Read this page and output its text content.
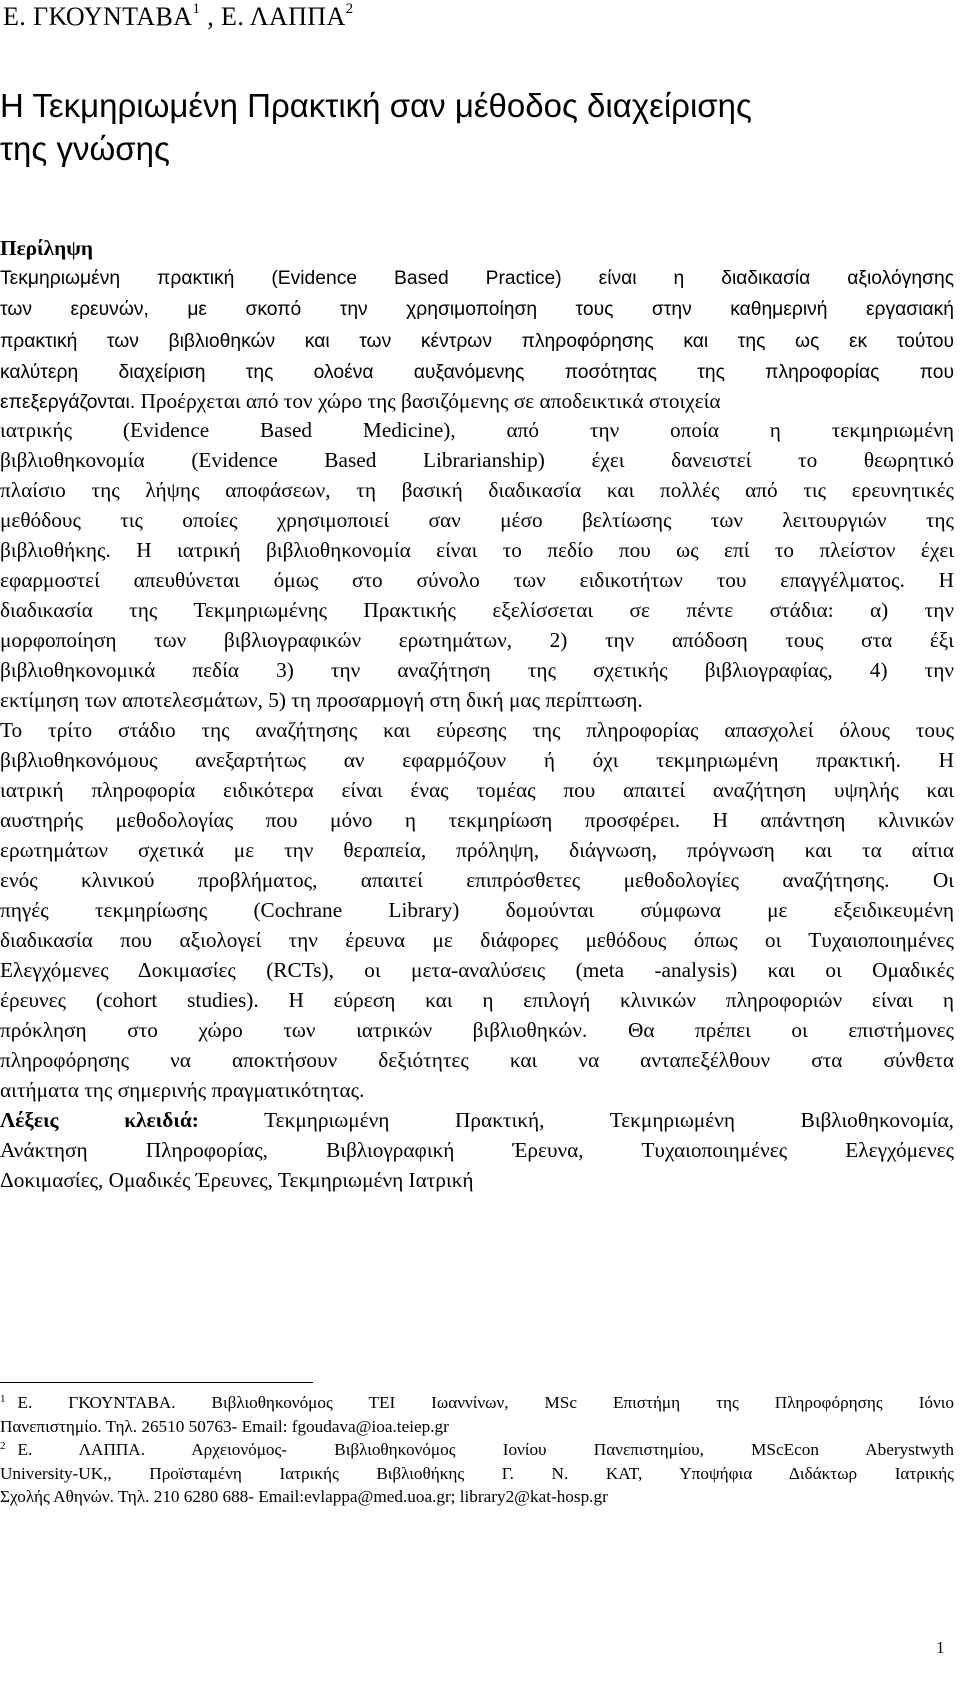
Ε. ΓΚΟΥΝΤΑΒΑ$^1$ , Ε. ΛΑΠΠΑ$^2$
Η Τεκμηριωμένη Πρακτική σαν μέθοδος διαχείρισης
της γνώσης
Περίληψη
Τεκμηριωμένη πρακτική (Evidence Based Practice) είναι η διαδικασία αξιολόγησης
των ερευνών, με σκοπό την χρησιμοποίηση τους στην καθημερινή εργασιακή
πρακτική των βιβλιοθηκών και των κέντρων πληροφόρησης και της ως εκ τούτου
καλύτερη διαχείριση της ολοένα αυξανόμενης ποσότητας της πληροφορίας που
επεξεργάζονται. Προέρχεται από τον χώρο της βασιζόμενης σε αποδεικτικά στοιχεία
ιατρικής (Evidence Based Medicine), από την οποία η τεκμηριωμένη
βιβλιοθηκονομία (Evidence Based Librarianship) έχει δανειστεί το θεωρητικό
πλαίσιο της λήψης αποφάσεων, τη βασική διαδικασία και πολλές από τις ερευνητικές
μεθόδους τις οποίες χρησιμοποιεί σαν μέσο βελτίωσης των λειτουργιών της
βιβλιοθήκης. Η ιατρική βιβλιοθηκονομία είναι το πεδίο που ως επί το πλείστον έχει
εφαρμοστεί απευθύνεται όμως στο σύνολο των ειδικοτήτων του επαγγέλματος. Η
διαδικασία της Τεκμηριωμένης Πρακτικής εξελίσσεται σε πέντε στάδια: α) την
μορφοποίηση των βιβλιογραφικών ερωτημάτων, 2) την απόδοση τους στα έξι
βιβλιοθηκονομικά πεδία 3) την αναζήτηση της σχετικής βιβλιογραφίας, 4) την
εκτίμηση των αποτελεσμάτων, 5) τη προσαρμογή στη δική μας περίπτωση.
Το τρίτο στάδιο της αναζήτησης και εύρεσης της πληροφορίας απασχολεί όλους τους
βιβλιοθηκονόμους ανεξαρτήτως αν εφαρμόζουν ή όχι τεκμηριωμένη πρακτική. Η
ιατρική πληροφορία ειδικότερα είναι ένας τομέας που απαιτεί αναζήτηση υψηλής και
αυστηρής μεθοδολογίας που μόνο η τεκμηρίωση προσφέρει. Η απάντηση κλινικών
ερωτημάτων σχετικά με την θεραπεία, πρόληψη, διάγνωση, πρόγνωση και τα αίτια
ενός κλινικού προβλήματος, απαιτεί επιπρόσθετες μεθοδολογίες αναζήτησης. Οι
πηγές τεκμηρίωσης (Cochrane Library) δομούνται σύμφωνα με εξειδικευμένη
διαδικασία που αξιολογεί την έρευνα με διάφορες μεθόδους όπως οι Τυχαιοποιημένες
Ελεγχόμενες Δοκιμασίες (RCTs), οι μετα-αναλύσεις (meta -analysis) και οι Ομαδικές
έρευνες (cohort studies). Η εύρεση και η επιλογή κλινικών πληροφοριών είναι η
πρόκληση στο χώρο των ιατρικών βιβλιοθηκών. Θα πρέπει οι επιστήμονες
πληροφόρησης να αποκτήσουν δεξιότητες και να ανταπεξέλθουν στα σύνθετα
αιτήματα της σημερινής πραγματικότητας.
Λέξεις κλειδιά:	Τεκμηριωμένη Πρακτική, Τεκμηριωμένη Βιβλιοθηκονομία,
Ανάκτηση Πληροφορίας, Βιβλιογραφική Έρευνα, Τυχαιοποιημένες Ελεγχόμενες
Δοκιμασίες, Ομαδικές Έρευνες, Τεκμηριωμένη Ιατρική
$^1$ Ε. ΓΚΟΥΝΤΑΒΑ. Βιβλιοθηκονόμος ΤΕΙ Ιωαννίνων, MSc Επιστήμη της Πληροφόρησης Ιόνιο
Πανεπιστημίο. Τηλ. 26510 50763- Email: fgoudava@ioa.teiep.gr
$^2$ Ε. ΛΑΠΠΑ. Αρχειονόμος- Βιβλιοθηκονόμος Ιονίου Πανεπιστημίου, MScEcon Aberystwyth
University-UK,, Προϊσταμένη Ιατρικής Βιβλιοθήκης Γ. Ν. ΚΑΤ, Υποψήφια Διδάκτωρ Ιατρικής
Σχολής Αθηνών. Τηλ. 210 6280 688- Email:evlappa@med.uoa.gr; library2@kat-hosp.gr
1
